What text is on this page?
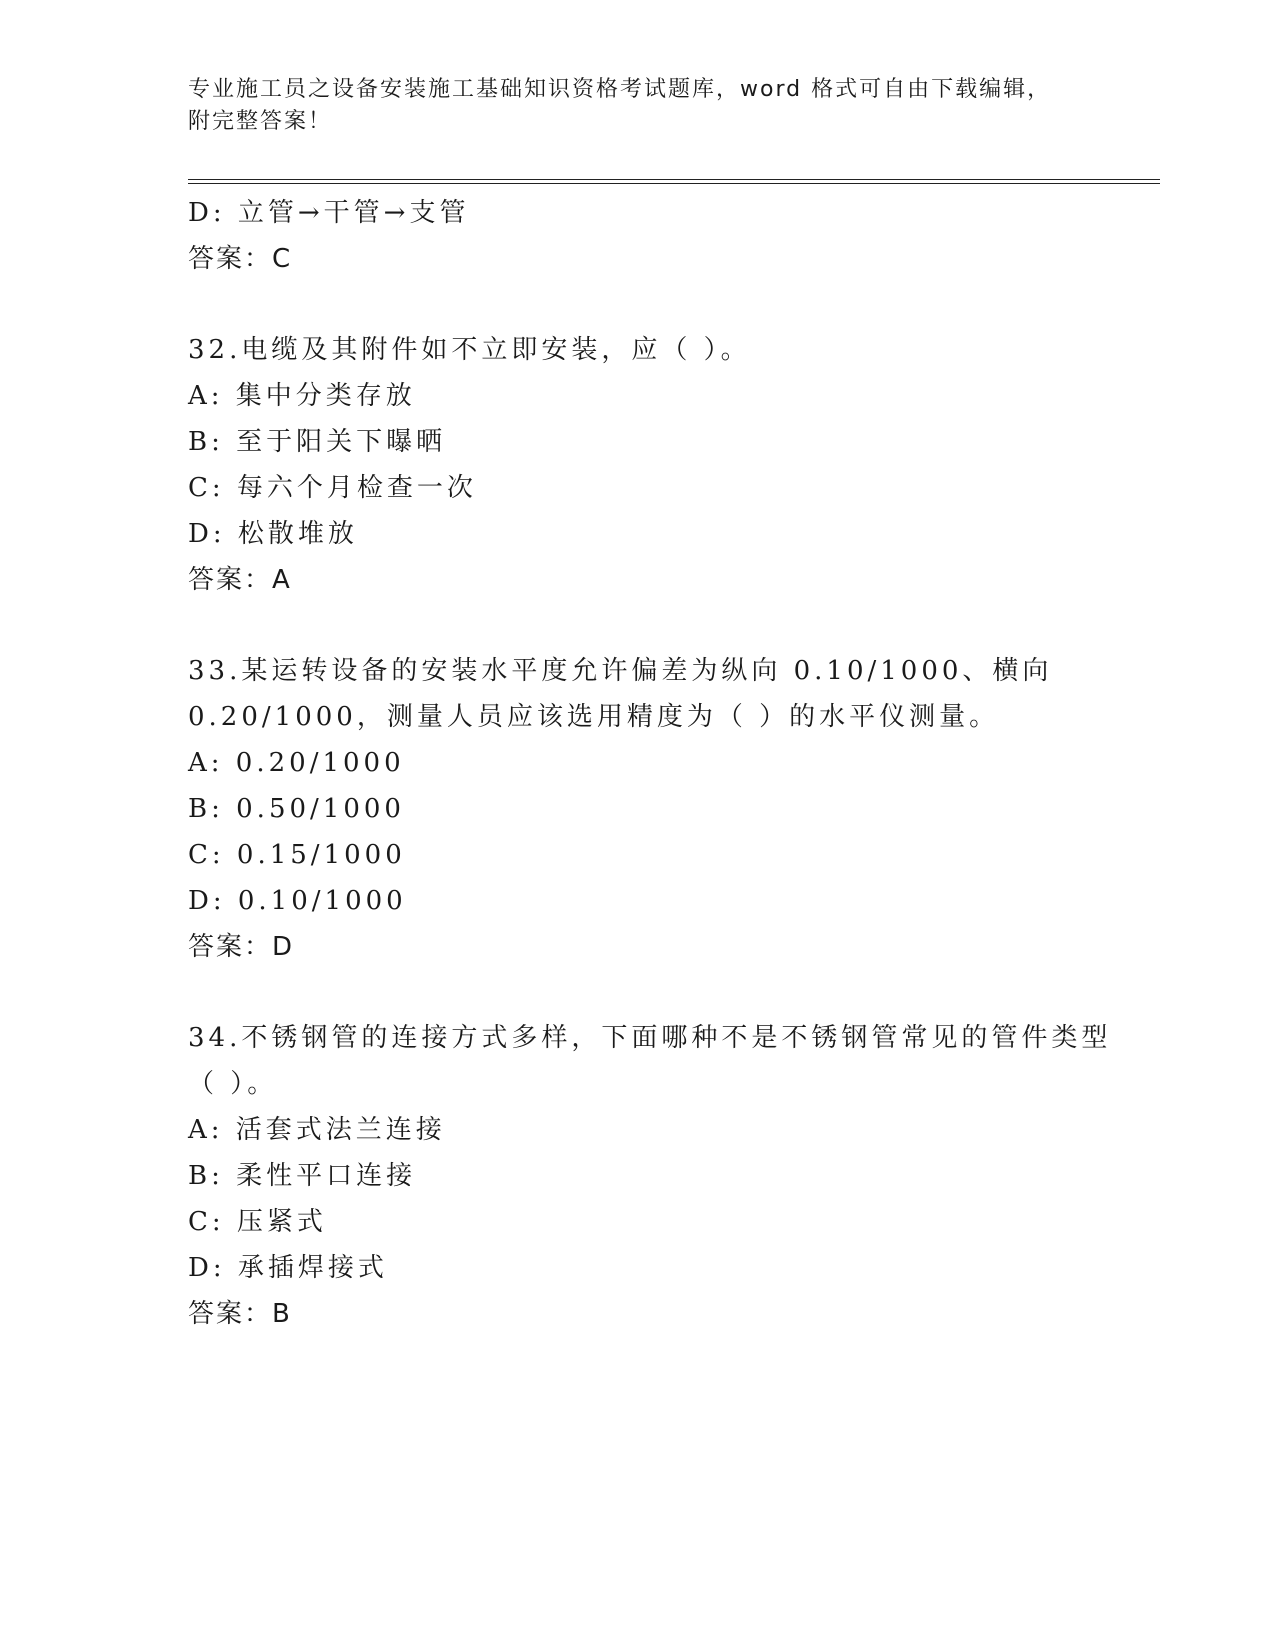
专业施工员之设备安装施工基础知识资格考试题库，word 格式可自由下载编辑，
附完整答案！
D: 立管→干管→支管
答案：C
32.电缆及其附件如不立即安装，应（ ）。
A: 集中分类存放
B: 至于阳关下曝晒
C: 每六个月检查一次
D: 松散堆放
答案：A
33.某运转设备的安装水平度允许偏差为纵向 0.10/1000、横向
0.20/1000，测量人员应该选用精度为（ ）的水平仪测量。
A: 0.20/1000
B: 0.50/1000
C: 0.15/1000
D: 0.10/1000
答案：D
34.不锈钢管的连接方式多样，下面哪种不是不锈钢管常见的管件类型
（ ）。
A: 活套式法兰连接
B: 柔性平口连接
C: 压紧式
D: 承插焊接式
答案：B
